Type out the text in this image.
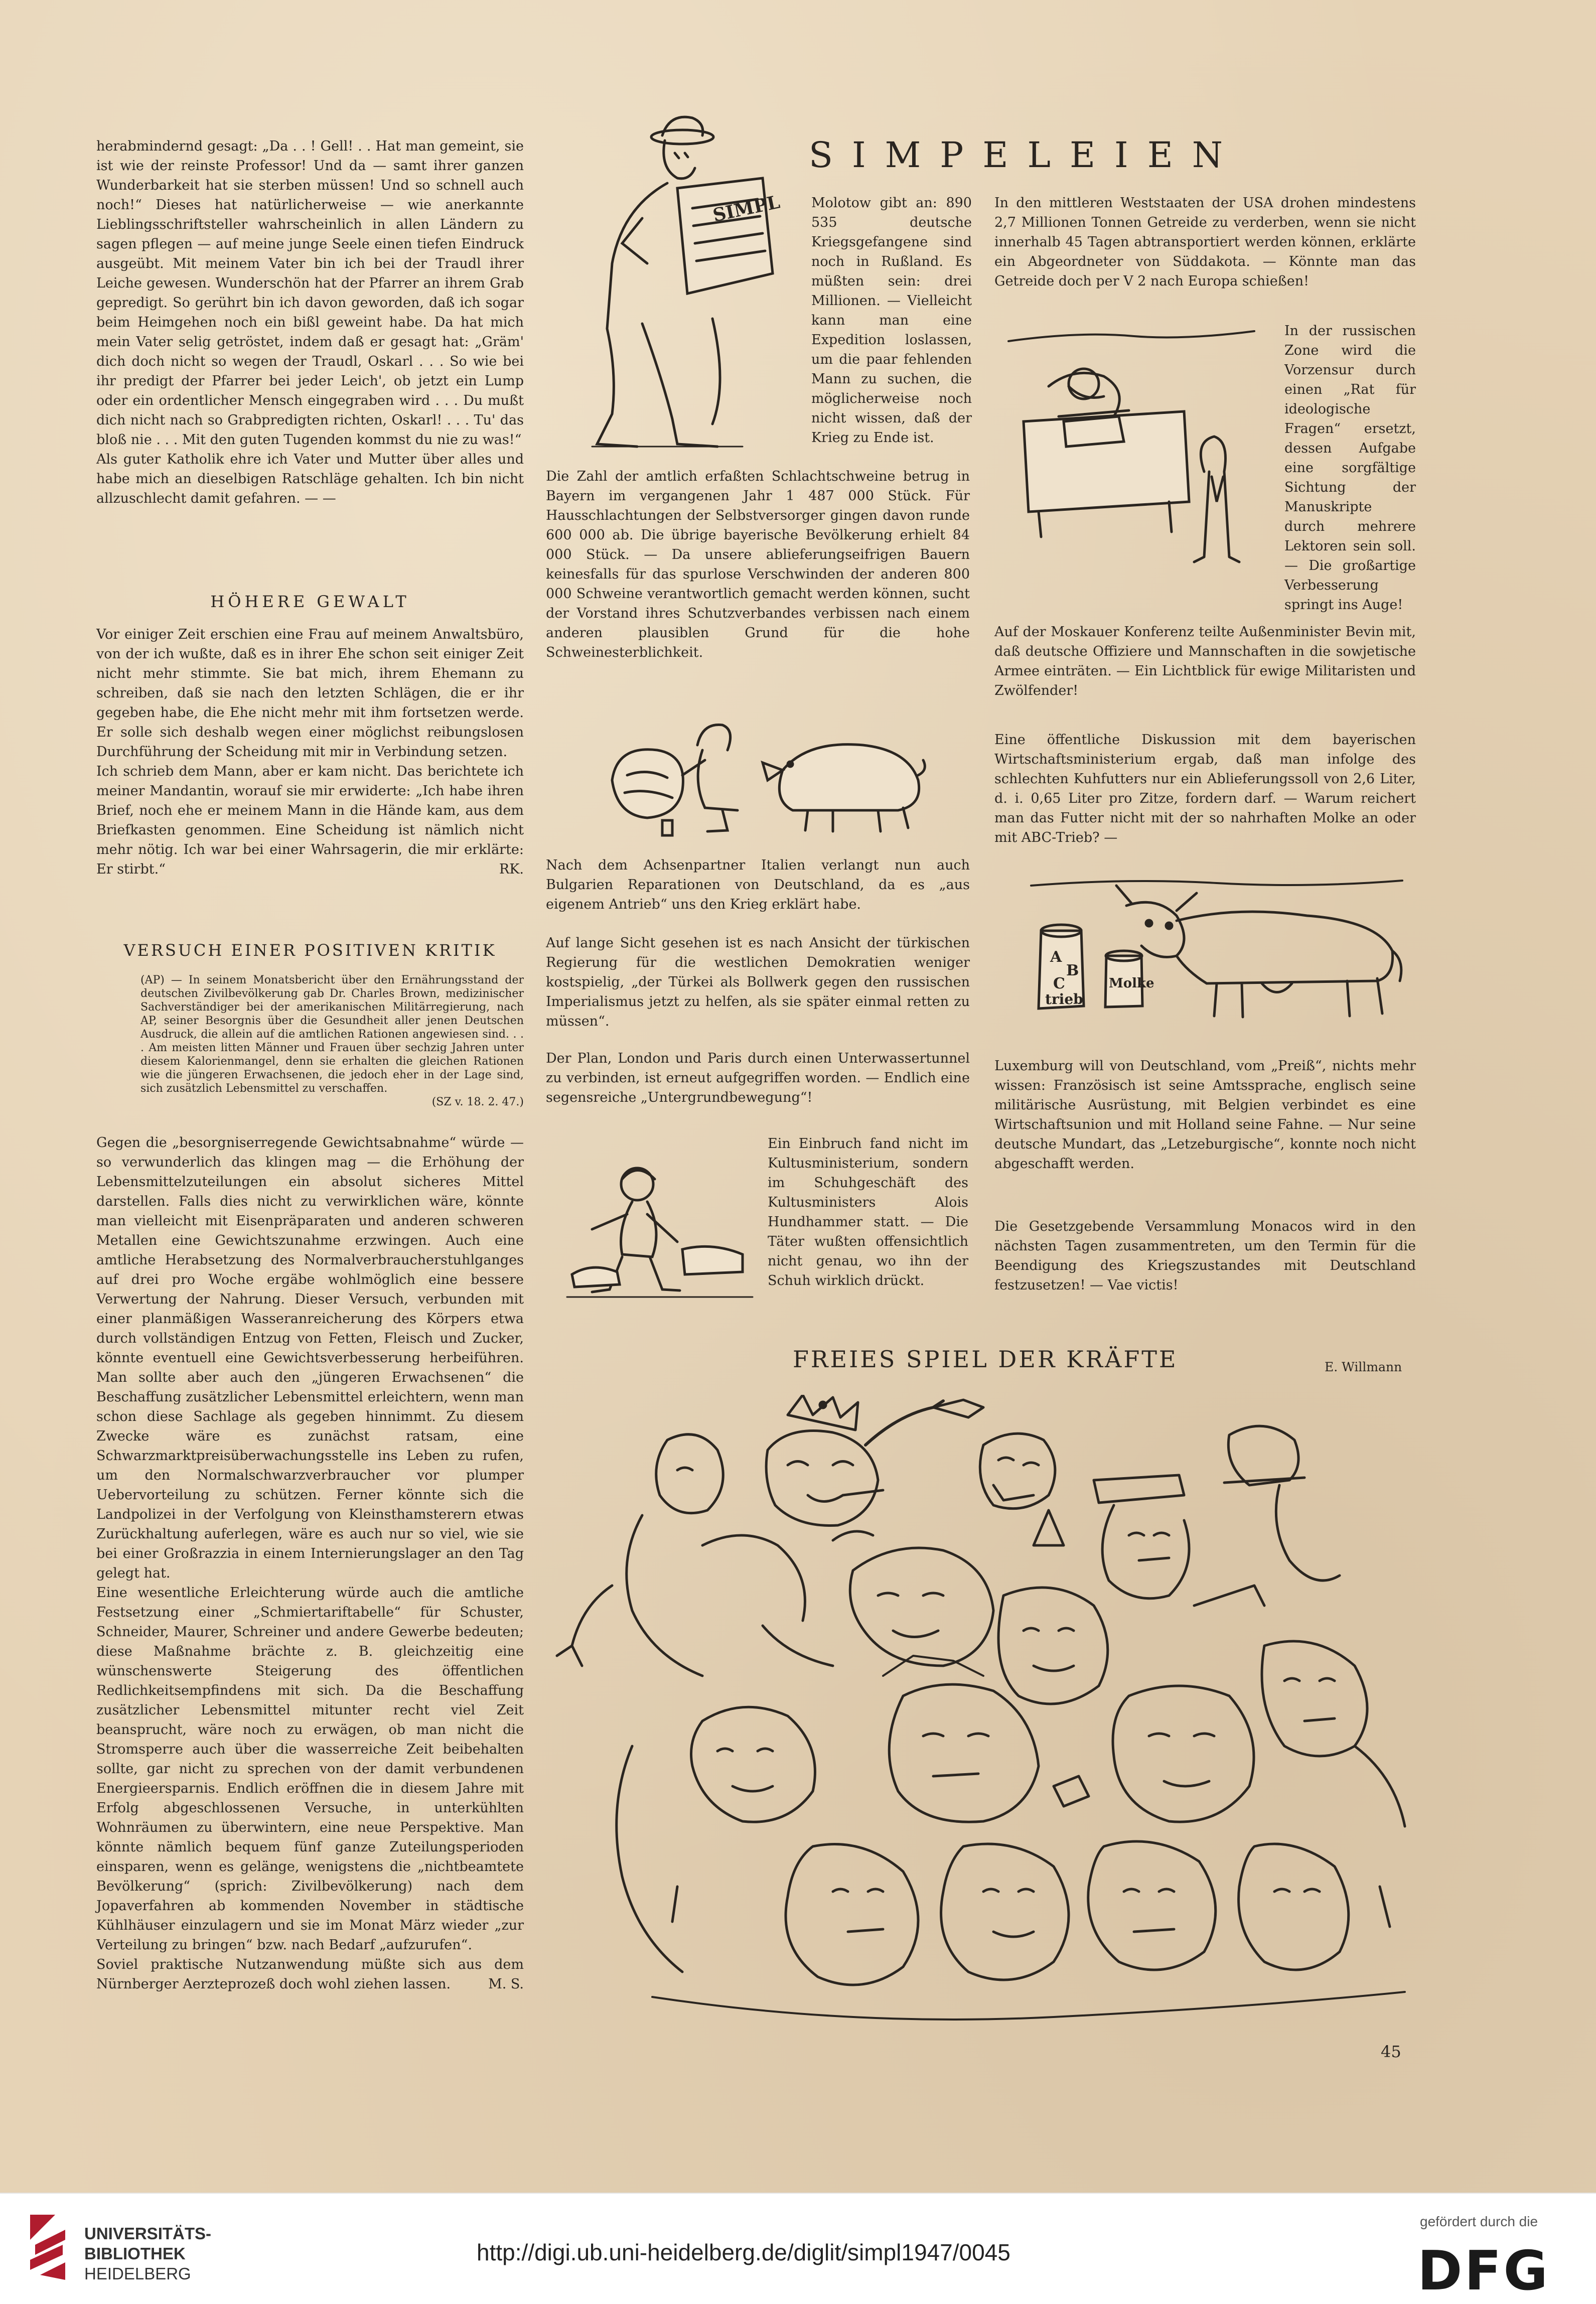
herabmindernd gesagt: „Da . . ! Gell! . . Hat man gemeint, sie ist wie der reinste Professor! Und da — samt ihrer ganzen Wunderbarkeit hat sie sterben müssen! Und so schnell auch noch!“ Dieses hat natürlicherweise — wie anerkannte Lieblingsschriftsteller wahrscheinlich in allen Ländern zu sagen pflegen — auf meine junge Seele einen tiefen Eindruck ausgeübt. Mit meinem Vater bin ich bei der Traudl ihrer Leiche gewesen. Wunderschön hat der Pfarrer an ihrem Grab gepredigt. So gerührt bin ich davon geworden, daß ich sogar beim Heimgehen noch ein bißl geweint habe. Da hat mich mein Vater selig getröstet, indem daß er gesagt hat: „Gräm' dich doch nicht so wegen der Traudl, Oskarl . . . So wie bei ihr predigt der Pfarrer bei jeder Leich', ob jetzt ein Lump oder ein ordentlicher Mensch eingegraben wird . . . Du mußt dich nicht nach so Grabpredigten richten, Oskarl! . . . Tu' das bloß nie . . . Mit den guten Tugenden kommst du nie zu was!“
Als guter Katholik ehre ich Vater und Mutter über alles und habe mich an dieselbigen Ratschläge gehalten. Ich bin nicht allzuschlecht damit gefahren. — —

HÖHERE GEWALT

Vor einiger Zeit erschien eine Frau auf meinem Anwaltsbüro, von der ich wußte, daß es in ihrer Ehe schon seit einiger Zeit nicht mehr stimmte. Sie bat mich, ihrem Ehemann zu schreiben, daß sie nach den letzten Schlägen, die er ihr gegeben habe, die Ehe nicht mehr mit ihm fortsetzen werde. Er solle sich deshalb wegen einer möglichst reibungslosen Durchführung der Scheidung mit mir in Verbindung setzen.
Ich schrieb dem Mann, aber er kam nicht. Das berichtete ich meiner Mandantin, worauf sie mir erwiderte: „Ich habe ihren Brief, noch ehe er meinem Mann in die Hände kam, aus dem Briefkasten genommen. Eine Scheidung ist nämlich nicht mehr nötig. Ich war bei einer Wahrsagerin, die mir erklärte: Er stirbt.“	RK.

VERSUCH EINER POSITIVEN KRITIK

(AP) — In seinem Monatsbericht über den Ernährungsstand der deutschen Zivilbevölkerung gab Dr. Charles Brown, medizinischer Sachverständiger bei der amerikanischen Militärregierung, nach AP, seiner Besorgnis über die Gesundheit aller jenen Deutschen Ausdruck, die allein auf die amtlichen Rationen angewiesen sind. . . . Am meisten litten Männer und Frauen über sechzig Jahren unter diesem Kalorienmangel, denn sie erhalten die gleichen Rationen wie die jüngeren Erwachsenen, die jedoch eher in der Lage sind, sich zusätzlich Lebensmittel zu verschaffen.
(SZ v. 18. 2. 47.)
Gegen die „besorgniserregende Gewichtsabnahme“ würde — so verwunderlich das klingen mag — die Erhöhung der Lebensmittelzuteilungen ein absolut sicheres Mittel darstellen. Falls dies nicht zu verwirklichen wäre, könnte man vielleicht mit Eisenpräparaten und anderen schweren Metallen eine Gewichtszunahme erzwingen. Auch eine amtliche Herabsetzung des Normalverbraucherstuhlganges auf drei pro Woche ergäbe wohlmöglich eine bessere Verwertung der Nahrung. Dieser Versuch, verbunden mit einer planmäßigen Wasseranreicherung des Körpers etwa durch vollständigen Entzug von Fetten, Fleisch und Zucker, könnte eventuell eine Gewichtsverbesserung herbeiführen. Man sollte aber auch den „jüngeren Erwachsenen“ die Beschaffung zusätzlicher Lebensmittel erleichtern, wenn man schon diese Sachlage als gegeben hinnimmt. Zu diesem Zwecke wäre es zunächst ratsam, eine Schwarzmarktpreisüberwachungsstelle ins Leben zu rufen, um den Normalschwarzverbraucher vor plumper Uebervorteilung zu schützen. Ferner könnte sich die Landpolizei in der Verfolgung von Kleinsthamsterern etwas Zurückhaltung auferlegen, wäre es auch nur so viel, wie sie bei einer Großrazzia in einem Internierungslager an den Tag gelegt hat.
Eine wesentliche Erleichterung würde auch die amtliche Festsetzung einer „Schmiertariftabelle“ für Schuster, Schneider, Maurer, Schreiner und andere Gewerbe bedeuten; diese Maßnahme brächte z. B. gleichzeitig eine wünschenswerte Steigerung des öffentlichen Redlichkeitsempfindens mit sich. Da die Beschaffung zusätzlicher Lebensmittel mitunter recht viel Zeit beansprucht, wäre noch zu erwägen, ob man nicht die Stromsperre auch über die wasserreiche Zeit beibehalten sollte, gar nicht zu sprechen von der damit verbundenen Energieersparnis. Endlich eröffnen die in diesem Jahre mit Erfolg abgeschlossenen Versuche, in unterkühlten Wohnräumen zu überwintern, eine neue Perspektive. Man könnte nämlich bequem fünf ganze Zuteilungsperioden einsparen, wenn es gelänge, wenigstens die „nichtbeamtete Bevölkerung“ (sprich: Zivilbevölkerung) nach dem Jopaverfahren ab kommenden November in städtische Kühlhäuser einzulagern und sie im Monat März wieder „zur Verteilung zu bringen“ bzw. nach Bedarf „aufzurufen“.
Soviel praktische Nutzanwendung müßte sich aus dem Nürnberger Aerzteprozeß doch wohl ziehen lassen.	M. S.

SIMPELEIEN

SIMPL Molotow gibt an: 890 535 deutsche Kriegsgefangene sind noch in Rußland. Es müßten sein: drei Millionen. — Vielleicht kann man eine Expedition loslassen, um die paar fehlenden Mann zu suchen, die möglicherweise noch nicht wissen, daß der Krieg zu Ende ist.
In den mittleren Weststaaten der USA drohen mindestens 2,7 Millionen Tonnen Getreide zu verderben, wenn sie nicht innerhalb 45 Tagen abtransportiert werden können, erklärte ein Abgeordneter von Süddakota. — Könnte man das Getreide doch per V 2 nach Europa schießen!
In der russischen Zone wird die Vorzensur durch einen „Rat für ideologische Fragen“ ersetzt, dessen Aufgabe eine sorgfältige Sichtung der Manuskripte durch mehrere Lektoren sein soll. — Die großartige Verbesserung springt ins Auge!
Die Zahl der amtlich erfaßten Schlachtschweine betrug in Bayern im vergangenen Jahr 1 487 000 Stück. Für Hausschlachtungen der Selbstversorger gingen davon runde 600 000 ab. Die übrige bayerische Bevölkerung erhielt 84 000 Stück. — Da unsere ablieferungseifrigen Bauern keinesfalls für das spurlose Verschwinden der anderen 800 000 Schweine verantwortlich gemacht werden können, sucht der Vorstand ihres Schutzverbandes verbissen nach einem anderen plausiblen Grund für die hohe Schweinesterblichkeit.
Auf der Moskauer Konferenz teilte Außenminister Bevin mit, daß deutsche Offiziere und Mannschaften in die sowjetische Armee einträten. — Ein Lichtblick für ewige Militaristen und Zwölfender!
Eine öffentliche Diskussion mit dem bayerischen Wirtschaftsministerium ergab, daß man infolge des schlechten Kuhfutters nur ein Ablieferungssoll von 2,6 Liter, d. i. 0,65 Liter pro Zitze, fordern darf. — Warum reichert man das Futter nicht mit der so nahrhaften Molke an oder mit ABC-Trieb? —
Nach dem Achsenpartner Italien verlangt nun auch Bulgarien Reparationen von Deutschland, da es „aus eigenem Antrieb“ uns den Krieg erklärt habe.
A
B
C
trieb
Molke
Auf lange Sicht gesehen ist es nach Ansicht der türkischen Regierung für die westlichen Demokratien weniger kostspielig, „der Türkei als Bollwerk gegen den russischen Imperialismus jetzt zu helfen, als sie später einmal retten zu müssen“.
Der Plan, London und Paris durch einen Unterwassertunnel zu verbinden, ist erneut aufgegriffen worden. — Endlich eine segensreiche „Untergrundbewegung“!
Luxemburg will von Deutschland, vom „Preiß“, nichts mehr wissen: Französisch ist seine Amtssprache, englisch seine militärische Ausrüstung, mit Belgien verbindet es eine Wirtschaftsunion und mit Holland seine Fahne. — Nur seine deutsche Mundart, das „Letzeburgische“, konnte noch nicht abgeschafft werden.
Ein Einbruch fand nicht im Kultusministerium, sondern im Schuhgeschäft des Kultusministers Alois Hundhammer statt. — Die Täter wußten offensichtlich nicht genau, wo ihn der Schuh wirklich drückt.
Die Gesetzgebende Versammlung Monacos wird in den nächsten Tagen zusammentreten, um den Termin für die Beendigung des Kriegszustandes mit Deutschland festzusetzen! — Vae victis!

FREIES SPIEL DER KRÄFTE	E. Willmann

45

UNIVERSITÄTS-
BIBLIOTHEK
HEIDELBERG
http://digi.ub.uni-heidelberg.de/diglit/simpl1947/0045
gefördert durch die
DFG
